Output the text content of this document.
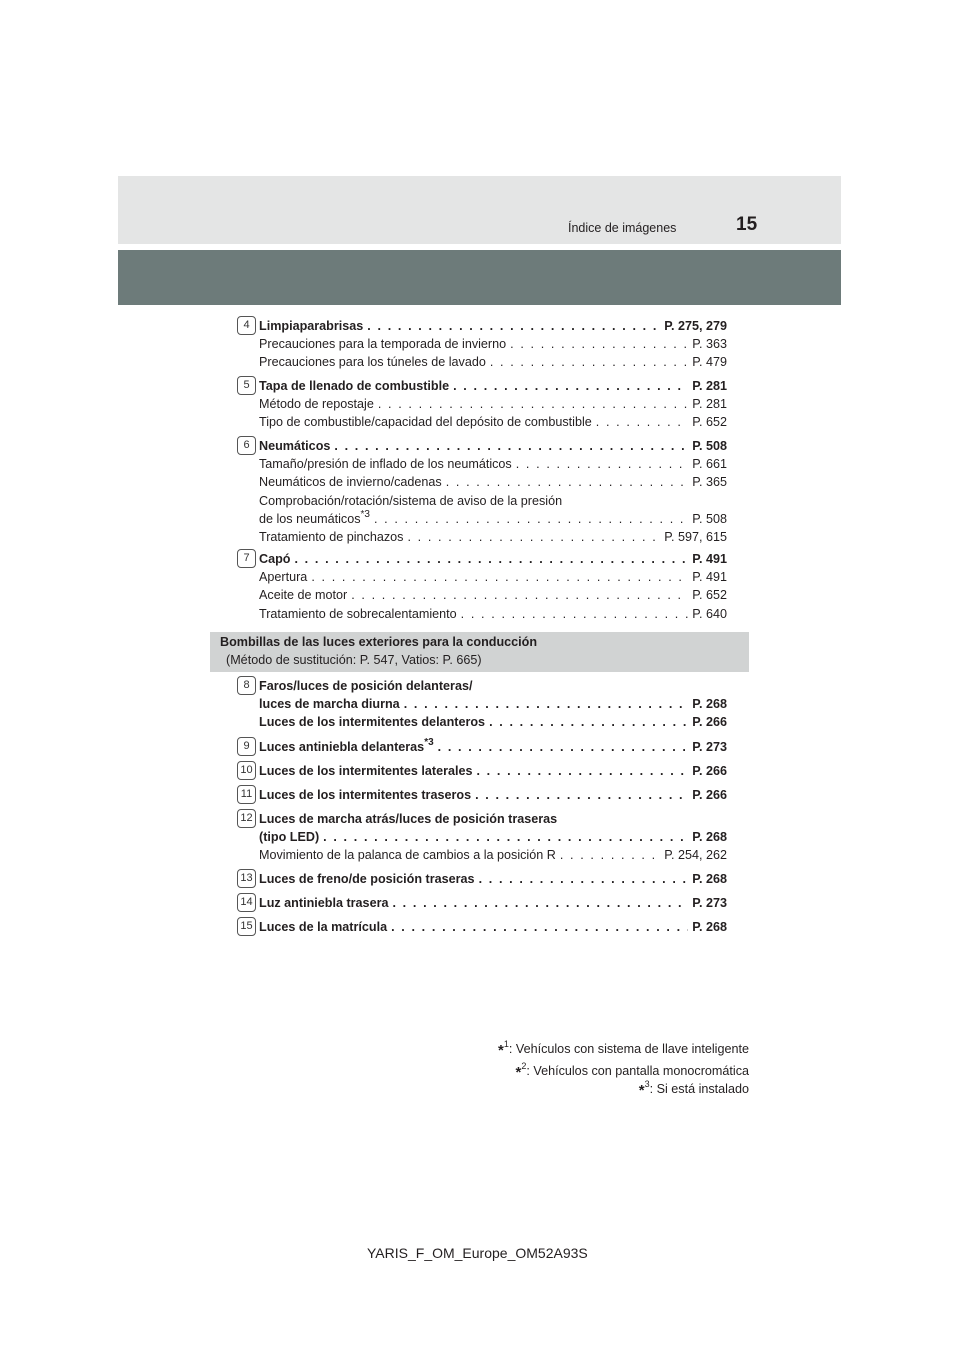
Índice de imágenes	15
4 Limpiaparabrisas . . .	P. 275, 279
Precauciones para la temporada de invierno . . .	P. 363
Precauciones para los túneles de lavado . . .	P. 479
5 Tapa de llenado de combustible . . .	P. 281
Método de repostaje . . .	P. 281
Tipo de combustible/capacidad del depósito de combustible . . .	P. 652
6 Neumáticos . . .	P. 508
Tamaño/presión de inflado de los neumáticos . . .	P. 661
Neumáticos de invierno/cadenas . . .	P. 365
Comprobación/rotación/sistema de aviso de la presión
de los neumáticos$^{*3}$ . . .	P. 508
Tratamiento de pinchazos . . .	P. 597, 615
7 Capó . . .	P. 491
Apertura . . .	P. 491
Aceite de motor . . .	P. 652
Tratamiento de sobrecalentamiento . . .	P. 640
Bombillas de las luces exteriores para la conducción
(Método de sustitución: P. 547, Vatios: P. 665)
8 Faros/luces de posición delanteras/
luces de marcha diurna . . .	P. 268
Luces de los intermitentes delanteros . . .	P. 266
9 Luces antiniebla delanteras$^{*3}$ . . .	P. 273
10 Luces de los intermitentes laterales . . .	P. 266
11 Luces de los intermitentes traseros . . .	P. 266
12 Luces de marcha atrás/luces de posición traseras
(tipo LED) . . .	P. 268
Movimiento de la palanca de cambios a la posición R . . .	P. 254, 262
13 Luces de freno/de posición traseras . . .	P. 268
14 Luz antiniebla trasera . . .	P. 273
15 Luces de la matrícula . . .	P. 268
*$^1$: Vehículos con sistema de llave inteligente
*$^2$: Vehículos con pantalla monocromática
*$^3$: Si está instalado
YARIS_F_OM_Europe_OM52A93S
